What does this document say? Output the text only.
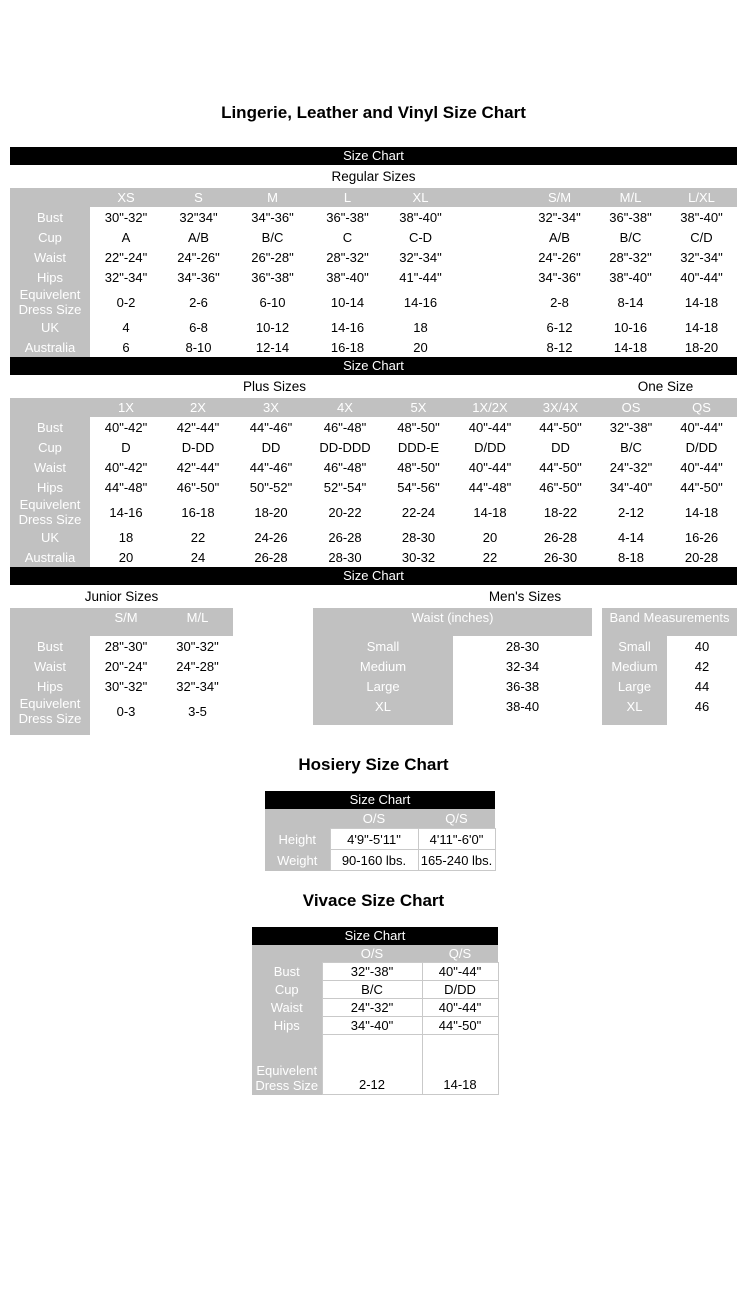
Lingerie, Leather and Vinyl Size Chart
Size Chart
Regular Sizes
	XS	S	M	L	XL		S/M	M/L	L/XL
Bust	30"-32"	32"34"	34"-36"	36"-38"	38"-40"		32"-34"	36"-38"	38"-40"
Cup	A	A/B	B/C	C	C-D		A/B	B/C	C/D
Waist	22"-24"	24"-26"	26"-28"	28"-32"	32"-34"		24"-26"	28"-32"	32"-34"
Hips	32"-34"	34"-36"	36"-38"	38"-40"	41"-44"		34"-36"	38"-40"	40"-44"
Equivelent Dress Size	0-2	2-6	6-10	10-14	14-16		2-8	8-14	14-18
UK	4	6-8	10-12	14-16	18		6-12	10-16	14-18
Australia	6	8-10	12-14	16-18	20		8-12	14-18	18-20
Size Chart
Plus Sizes	One Size
	1X	2X	3X	4X	5X	1X/2X	3X/4X	OS	QS
Bust	40"-42"	42"-44"	44"-46"	46"-48"	48"-50"	40"-44"	44"-50"	32"-38"	40"-44"
Cup	D	D-DD	DD	DD-DDD	DDD-E	D/DD	DD	B/C	D/DD
Waist	40"-42"	42"-44"	44"-46"	46"-48"	48"-50"	40"-44"	44"-50"	24"-32"	40"-44"
Hips	44"-48"	46"-50"	50"-52"	52"-54"	54"-56"	44"-48"	46"-50"	34"-40"	44"-50"
Equivelent Dress Size	14-16	16-18	18-20	20-22	22-24	14-18	18-22	2-12	14-18
UK	18	22	24-26	26-28	28-30	20	26-28	4-14	16-26
Australia	20	24	26-28	28-30	30-32	22	26-30	8-18	20-28
Size Chart
Junior Sizes	Men's Sizes
	S/M	M/L
Bust	28"-30"	30"-32"
Waist	20"-24"	24"-28"
Hips	30"-32"	32"-34"
Equivelent Dress Size	0-3	3-5
Waist (inches)	
Small	28-30
Medium	32-34
Large	36-38
XL	38-40
Band Measurements	
Small	40
Medium	42
Large	44
XL	46
Hosiery Size Chart
Size Chart
	O/S	Q/S
Height	4'9"-5'11"	4'11"-6'0"
Weight	90-160 lbs.	165-240 lbs.
Vivace Size Chart
Size Chart
	O/S	Q/S
Bust	32"-38"	40"-44"
Cup	B/C	D/DD
Waist	24"-32"	40"-44"
Hips	34"-40"	44"-50"
Equivelent Dress Size	2-12	14-18
